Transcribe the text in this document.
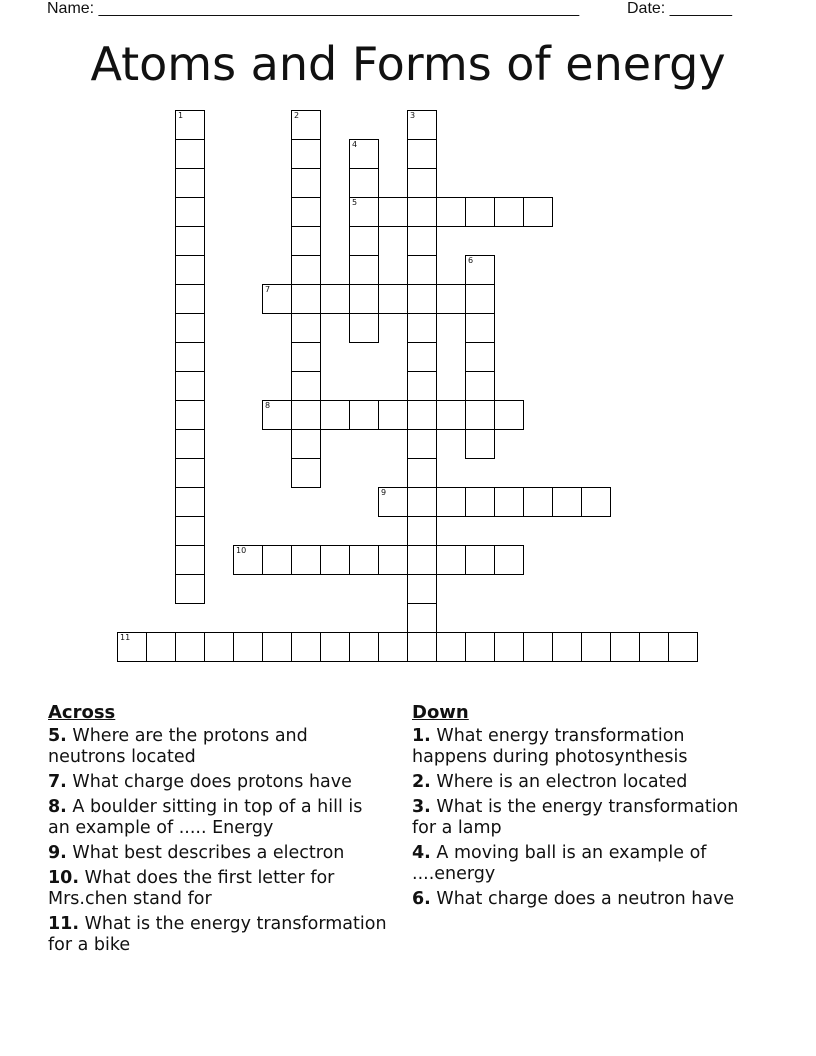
Name: ______________________________________________________	Date: _______
Atoms and Forms of energy
1	2	3
4
5
6
7
8
9
10
11
Across
5. Where are the protons and neutrons located
7. What charge does protons have
8. A boulder sitting in top of a hill is an example of ..... Energy
9. What best describes a electron
10. What does the first letter for Mrs.chen stand for
11. What is the energy transformation for a bike
Down
1. What energy transformation happens during photosynthesis
2. Where is an electron located
3. What is the energy transformation for a lamp
4. A moving ball is an example of ....energy
6. What charge does a neutron have
